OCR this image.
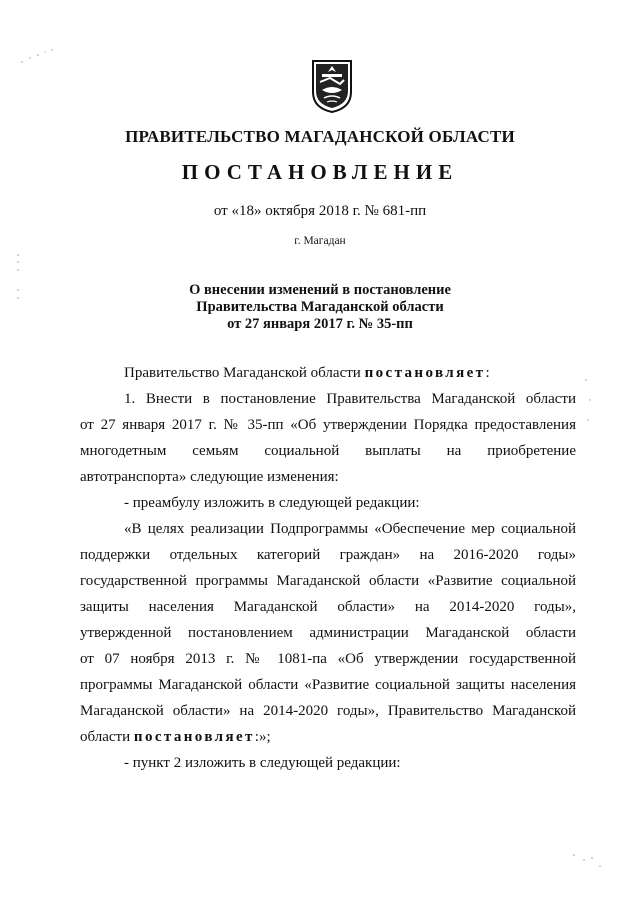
ПРАВИТЕЛЬСТВО МАГАДАНСКОЙ ОБЛАСТИ
ПОСТАНОВЛЕНИЕ
от «18» октября 2018 г. № 681-пп
г. Магадан
О внесении изменений в постановление
Правительства Магаданской области
от 27 января 2017 г. № 35-пп

Правительство Магаданской области постановляет:

1. Внести в постановление Правительства Магаданской области

от 27 января 2017 г. № 35-пп «Об утверждении Порядка предоставления

многодетным семьям социальной выплаты на приобретение

автотранспорта» следующие изменения:

- преамбулу изложить в следующей редакции:

«В целях реализации Подпрограммы «Обеспечение мер социальной

поддержки отдельных категорий граждан» на 2016-2020 годы»

государственной программы Магаданской области «Развитие социальной

защиты населения Магаданской области» на 2014-2020 годы»,

утвержденной постановлением администрации Магаданской области

от 07 ноября 2013 г. № 1081-па «Об утверждении государственной

программы Магаданской области «Развитие социальной защиты населения

Магаданской области» на 2014-2020 годы», Правительство Магаданской

области постановляет:»;

- пункт 2 изложить в следующей редакции:
